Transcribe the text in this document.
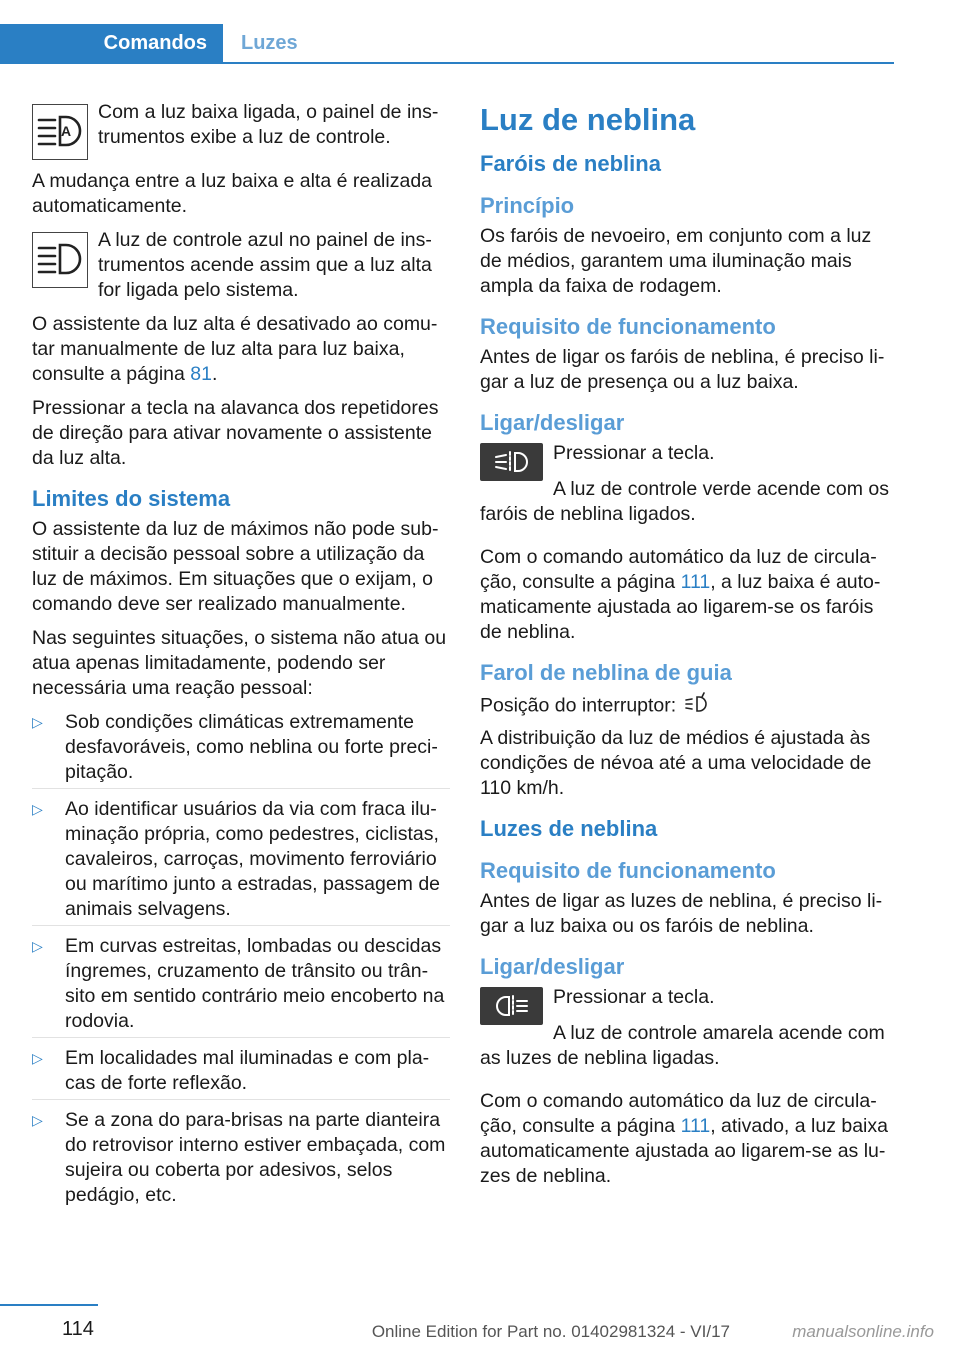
Comandos	Luzes
A
Com a luz baixa ligada, o painel de instrumentos exibe a luz de controle.

A mudança entre a luz baixa e alta é realizada automaticamente.

A luz de controle azul no painel de instrumentos acende assim que a luz alta for ligada pelo sistema.

O assistente da luz alta é desativado ao comutar manualmente de luz alta para luz baixa, consulte a página 81.

Pressionar a tecla na alavanca dos repetidores de direção para ativar novamente o assistente da luz alta.

Limites do sistema

O assistente da luz de máximos não pode substituir a decisão pessoal sobre a utilização da luz de máximos. Em situações que o exijam, o comando deve ser realizado manualmente.

Nas seguintes situações, o sistema não atua ou atua apenas limitadamente, podendo ser necessária uma reação pessoal:

▷ Sob condições climáticas extremamente desfavoráveis, como neblina ou forte precipitação.
▷ Ao identificar usuários da via com fraca iluminação própria, como pedestres, ciclistas, cavaleiros, carroças, movimento ferroviário ou marítimo junto a estradas, passagem de animais selvagens.
▷ Em curvas estreitas, lombadas ou descidas íngremes, cruzamento de trânsito ou trânsito em sentido contrário meio encoberto na rodovia.
▷ Em localidades mal iluminadas e com placas de forte reflexão.
▷ Se a zona do para-brisas na parte dianteira do retrovisor interno estiver embaçada, com sujeira ou coberta por adesivos, selos pedágio, etc.
Luz de neblina
Faróis de neblina
Princípio

Os faróis de nevoeiro, em conjunto com a luz de médios, garantem uma iluminação mais ampla da faixa de rodagem.

Requisito de funcionamento

Antes de ligar os faróis de neblina, é preciso ligar a luz de presença ou a luz baixa.

Ligar/desligar

Pressionar a tecla.

A luz de controle verde acende com os faróis de neblina ligados.

Com o comando automático da luz de circulação, consulte a página 111, a luz baixa é automaticamente ajustada ao ligarem-se os faróis de neblina.

Farol de neblina de guia

Posição do interruptor:

A distribuição da luz de médios é ajustada às condições de névoa até a uma velocidade de 110 km/h.

Luzes de neblina
Requisito de funcionamento

Antes de ligar as luzes de neblina, é preciso ligar a luz baixa ou os faróis de neblina.

Ligar/desligar

Pressionar a tecla.

A luz de controle amarela acende com as luzes de neblina ligadas.

Com o comando automático da luz de circulação, consulte a página 111, ativado, a luz baixa automaticamente ajustada ao ligarem-se as luzes de neblina.

114	Online Edition for Part no. 01402981324 - VI/17	manualsonline.info
